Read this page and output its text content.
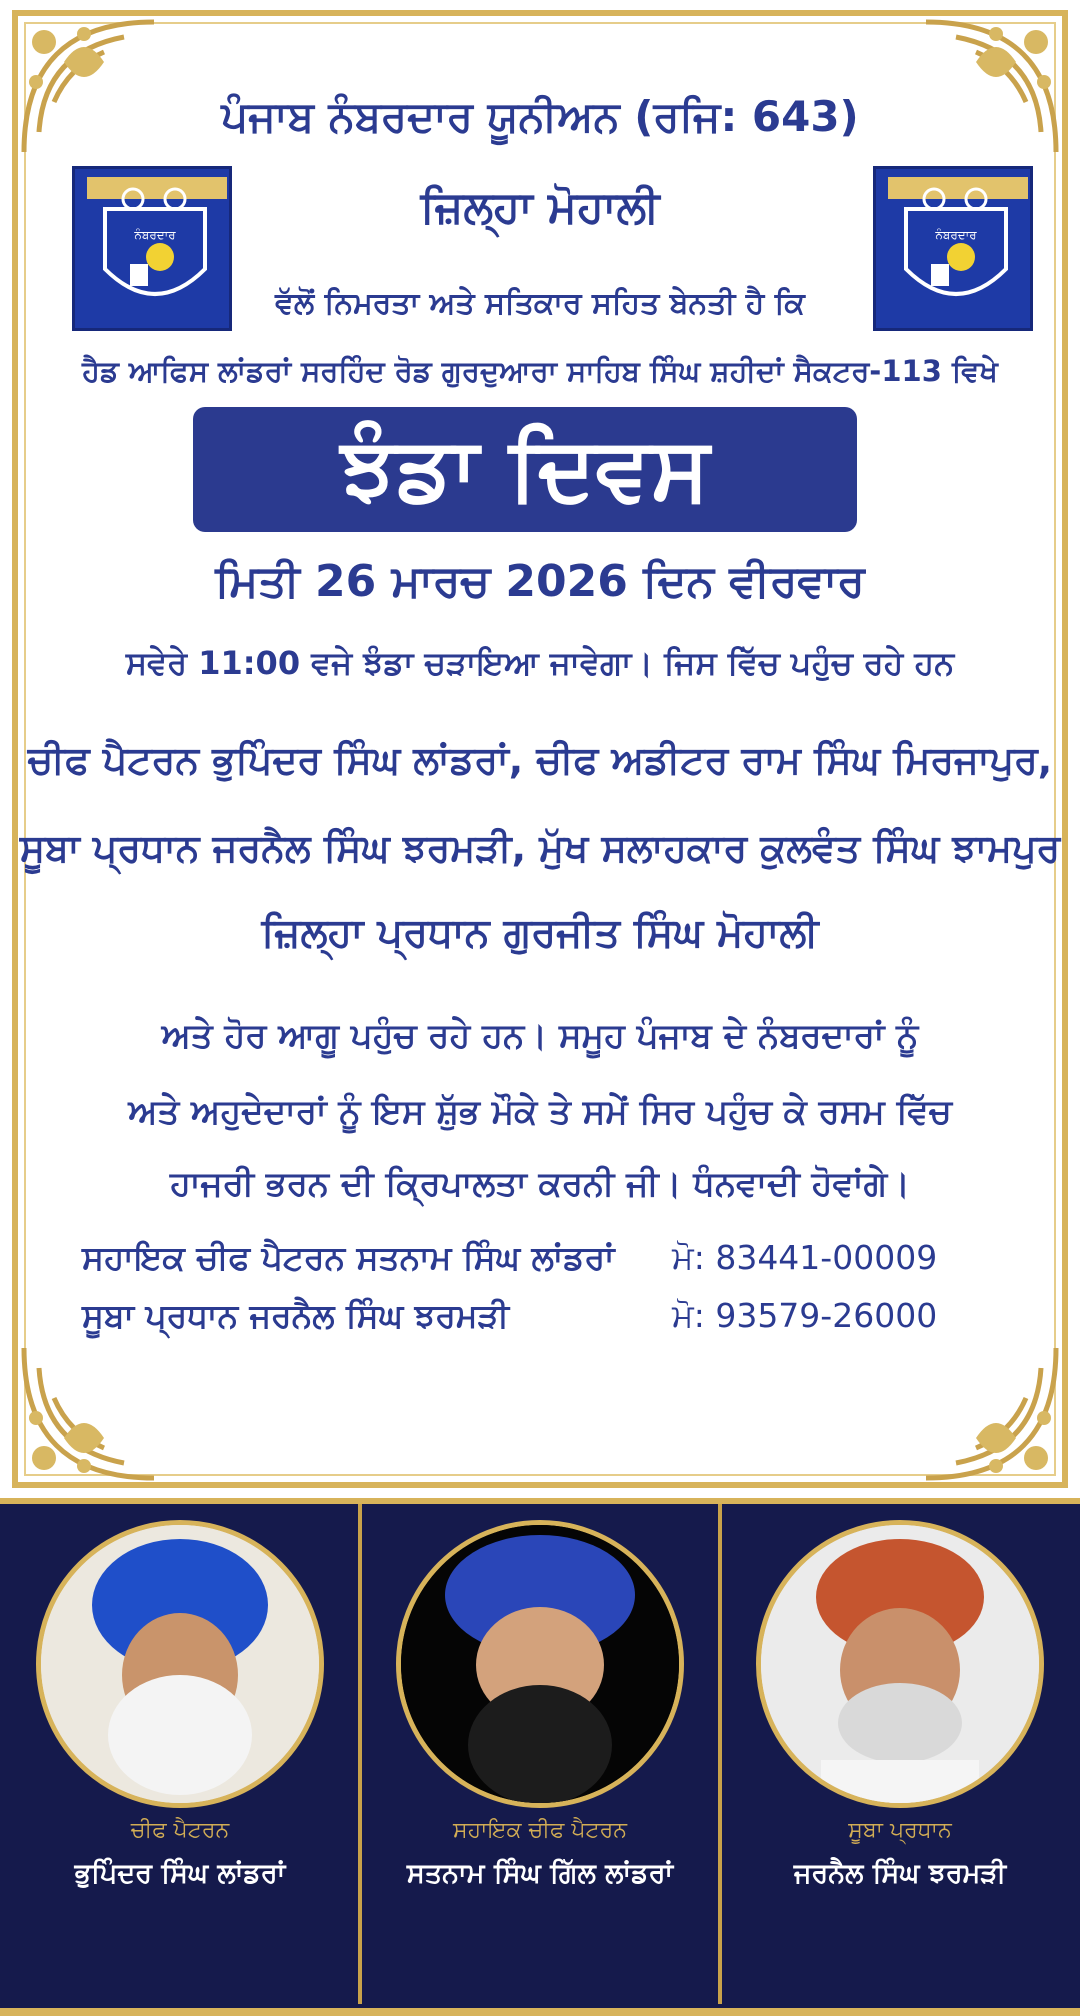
ਪੰਜਾਬ ਨੰਬਰਦਾਰ ਯੂਨੀਅਨ (ਰਜਿ: 643)
ਜ਼ਿਲ੍ਹਾ ਮੋਹਾਲੀ
ਵੱਲੋਂ ਨਿਮਰਤਾ ਅਤੇ ਸਤਿਕਾਰ ਸਹਿਤ ਬੇਨਤੀ ਹੈ ਕਿ
ਹੈਡ ਆਫਿਸ ਲਾਂਡਰਾਂ ਸਰਹਿੰਦ ਰੋਡ ਗੁਰਦੁਆਰਾ ਸਾਹਿਬ ਸਿੰਘ ਸ਼ਹੀਦਾਂ ਸੈਕਟਰ-113 ਵਿਖੇ
ਨੰਬਰਦਾਰ	ਨੰਬਰਦਾਰ
ਝੰਡਾ ਦਿਵਸ
ਮਿਤੀ 26 ਮਾਰਚ 2026 ਦਿਨ ਵੀਰਵਾਰ
ਸਵੇਰੇ 11:00 ਵਜੇ ਝੰਡਾ ਚੜਾਇਆ ਜਾਵੇਗਾ। ਜਿਸ ਵਿੱਚ ਪਹੁੰਚ ਰਹੇ ਹਨ
ਚੀਫ ਪੈਟਰਨ ਭੁਪਿੰਦਰ ਸਿੰਘ ਲਾਂਡਰਾਂ, ਚੀਫ ਅਡੀਟਰ ਰਾਮ ਸਿੰਘ ਮਿਰਜਾਪੁਰ,
ਸੂਬਾ ਪ੍ਰਧਾਨ ਜਰਨੈਲ ਸਿੰਘ ਝਰਮੜੀ, ਮੁੱਖ ਸਲਾਹਕਾਰ ਕੁਲਵੰਤ ਸਿੰਘ ਝਾਮਪੁਰ
ਜ਼ਿਲ੍ਹਾ ਪ੍ਰਧਾਨ ਗੁਰਜੀਤ ਸਿੰਘ ਮੋਹਾਲੀ
ਅਤੇ ਹੋਰ ਆਗੂ ਪਹੁੰਚ ਰਹੇ ਹਨ। ਸਮੂਹ ਪੰਜਾਬ ਦੇ ਨੰਬਰਦਾਰਾਂ ਨੂੰ
ਅਤੇ ਅਹੁਦੇਦਾਰਾਂ ਨੂੰ ਇਸ ਸ਼ੁੱਭ ਮੌਕੇ ਤੇ ਸਮੇਂ ਸਿਰ ਪਹੁੰਚ ਕੇ ਰਸਮ ਵਿੱਚ
ਹਾਜਰੀ ਭਰਨ ਦੀ ਕ੍ਰਿਪਾਲਤਾ ਕਰਨੀ ਜੀ। ਧੰਨਵਾਦੀ ਹੋਵਾਂਗੇ।
ਸਹਾਇਕ ਚੀਫ ਪੈਟਰਨ ਸਤਨਾਮ ਸਿੰਘ ਲਾਂਡਰਾਂ ਮੋ: 83441-00009
ਸੂਬਾ ਪ੍ਰਧਾਨ ਜਰਨੈਲ ਸਿੰਘ ਝਰਮੜੀ	ਮੋ: 93579-26000
ਚੀਫ ਪੈਟਰਨ
ਭੁਪਿੰਦਰ ਸਿੰਘ ਲਾਂਡਰਾਂ
ਸਹਾਇਕ ਚੀਫ ਪੈਟਰਨ
ਸਤਨਾਮ ਸਿੰਘ ਗਿੱਲ ਲਾਂਡਰਾਂ
ਸੂਬਾ ਪ੍ਰਧਾਨ
ਜਰਨੈਲ ਸਿੰਘ ਝਰਮੜੀ
